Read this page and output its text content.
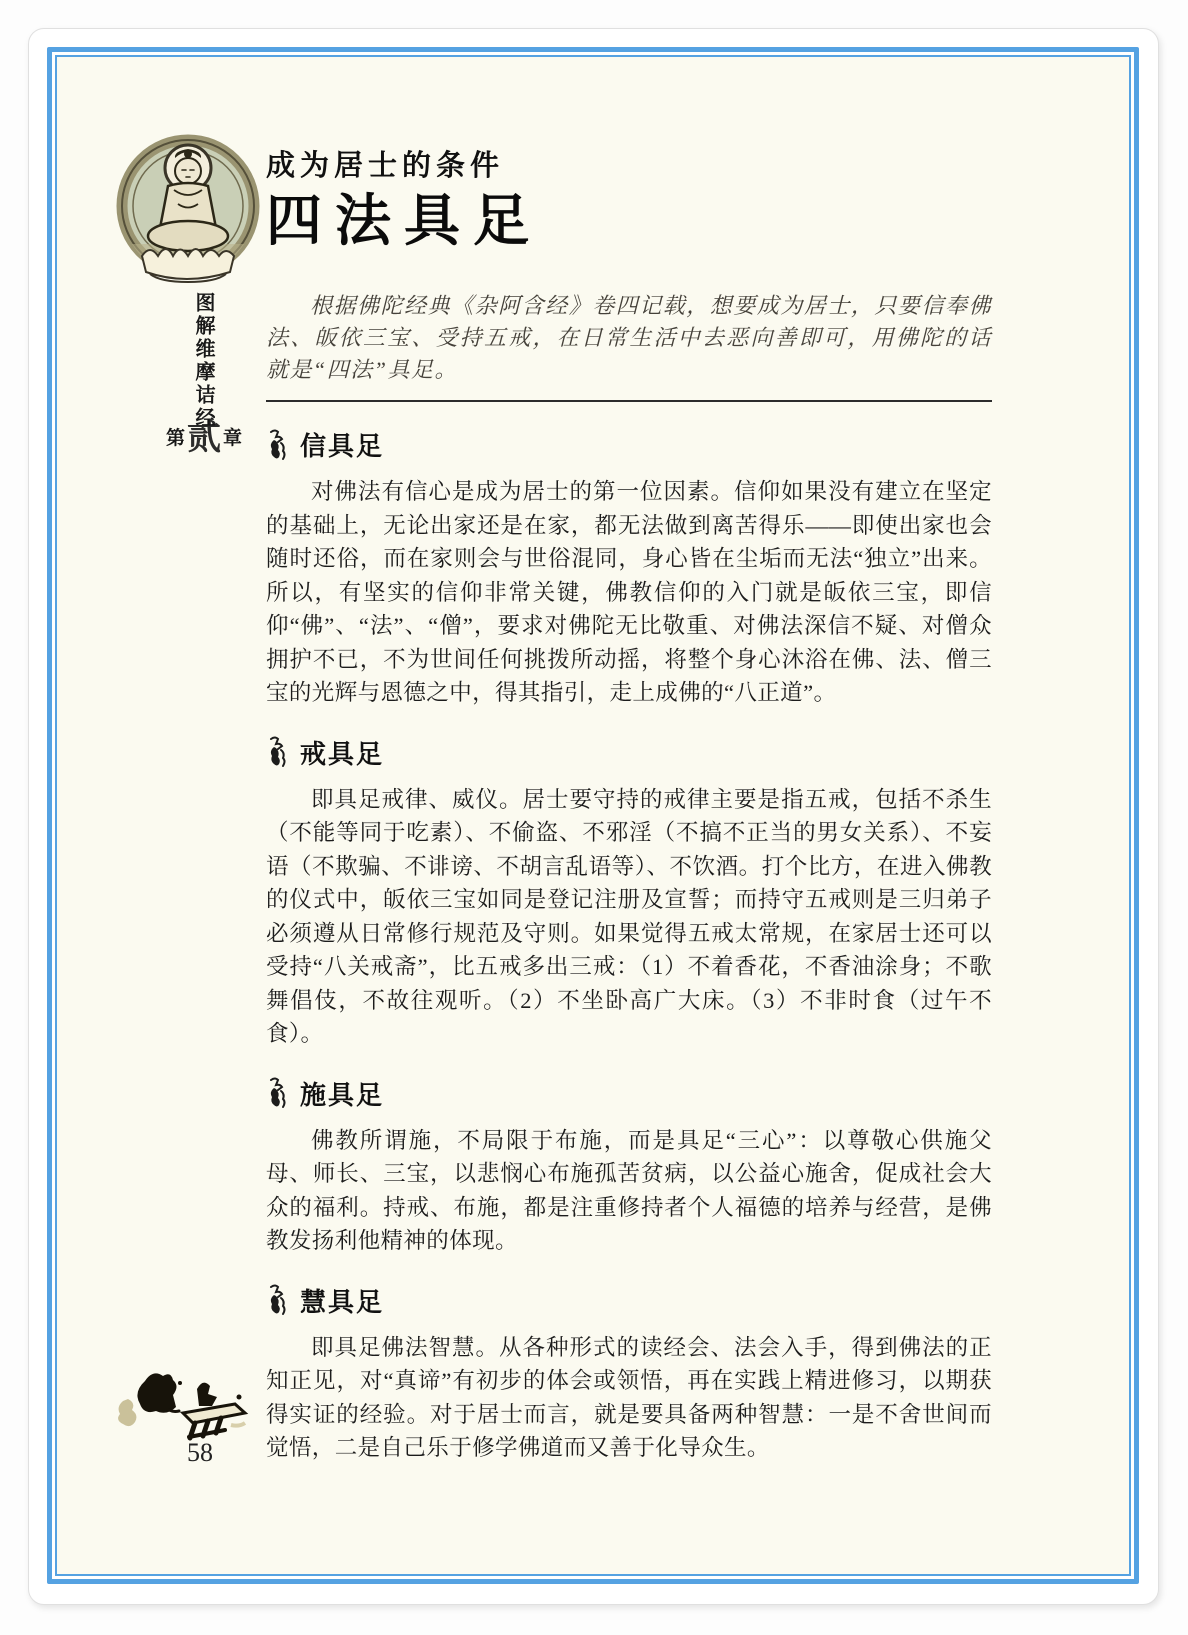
图解维摩诘经
第 贰 章
成为居士的条件
四法具足
根据佛陀经典《杂阿含经》卷四记载，想要成为居士，只要信奉佛法、皈依三宝、受持五戒，在日常生活中去恶向善即可，用佛陀的话就是“四法”具足。
信具足
对佛法有信心是成为居士的第一位因素。信仰如果没有建立在坚定的基础上，无论出家还是在家，都无法做到离苦得乐——即使出家也会随时还俗，而在家则会与世俗混同，身心皆在尘垢而无法“独立”出来。所以，有坚实的信仰非常关键，佛教信仰的入门就是皈依三宝，即信仰“佛”、“法”、“僧”，要求对佛陀无比敬重、对佛法深信不疑、对僧众拥护不已，不为世间任何挑拨所动摇，将整个身心沐浴在佛、法、僧三宝的光辉与恩德之中，得其指引，走上成佛的“八正道”。
戒具足
即具足戒律、威仪。居士要守持的戒律主要是指五戒，包括不杀生（不能等同于吃素）、不偷盗、不邪淫（不搞不正当的男女关系）、不妄语（不欺骗、不诽谤、不胡言乱语等）、不饮酒。打个比方，在进入佛教的仪式中，皈依三宝如同是登记注册及宣誓；而持守五戒则是三归弟子必须遵从日常修行规范及守则。如果觉得五戒太常规，在家居士还可以受持“八关戒斋”，比五戒多出三戒：（1）不着香花，不香油涂身；不歌舞倡伎，不故往观听。（2）不坐卧高广大床。（3）不非时食（过午不食）。
施具足
佛教所谓施，不局限于布施，而是具足“三心”：以尊敬心供施父母、师长、三宝，以悲悯心布施孤苦贫病，以公益心施舍，促成社会大众的福利。持戒、布施，都是注重修持者个人福德的培养与经营，是佛教发扬利他精神的体现。
慧具足
即具足佛法智慧。从各种形式的读经会、法会入手，得到佛法的正知正见，对“真谛”有初步的体会或领悟，再在实践上精进修习，以期获得实证的经验。对于居士而言，就是要具备两种智慧：一是不舍世间而觉悟，二是自己乐于修学佛道而又善于化导众生。
58
